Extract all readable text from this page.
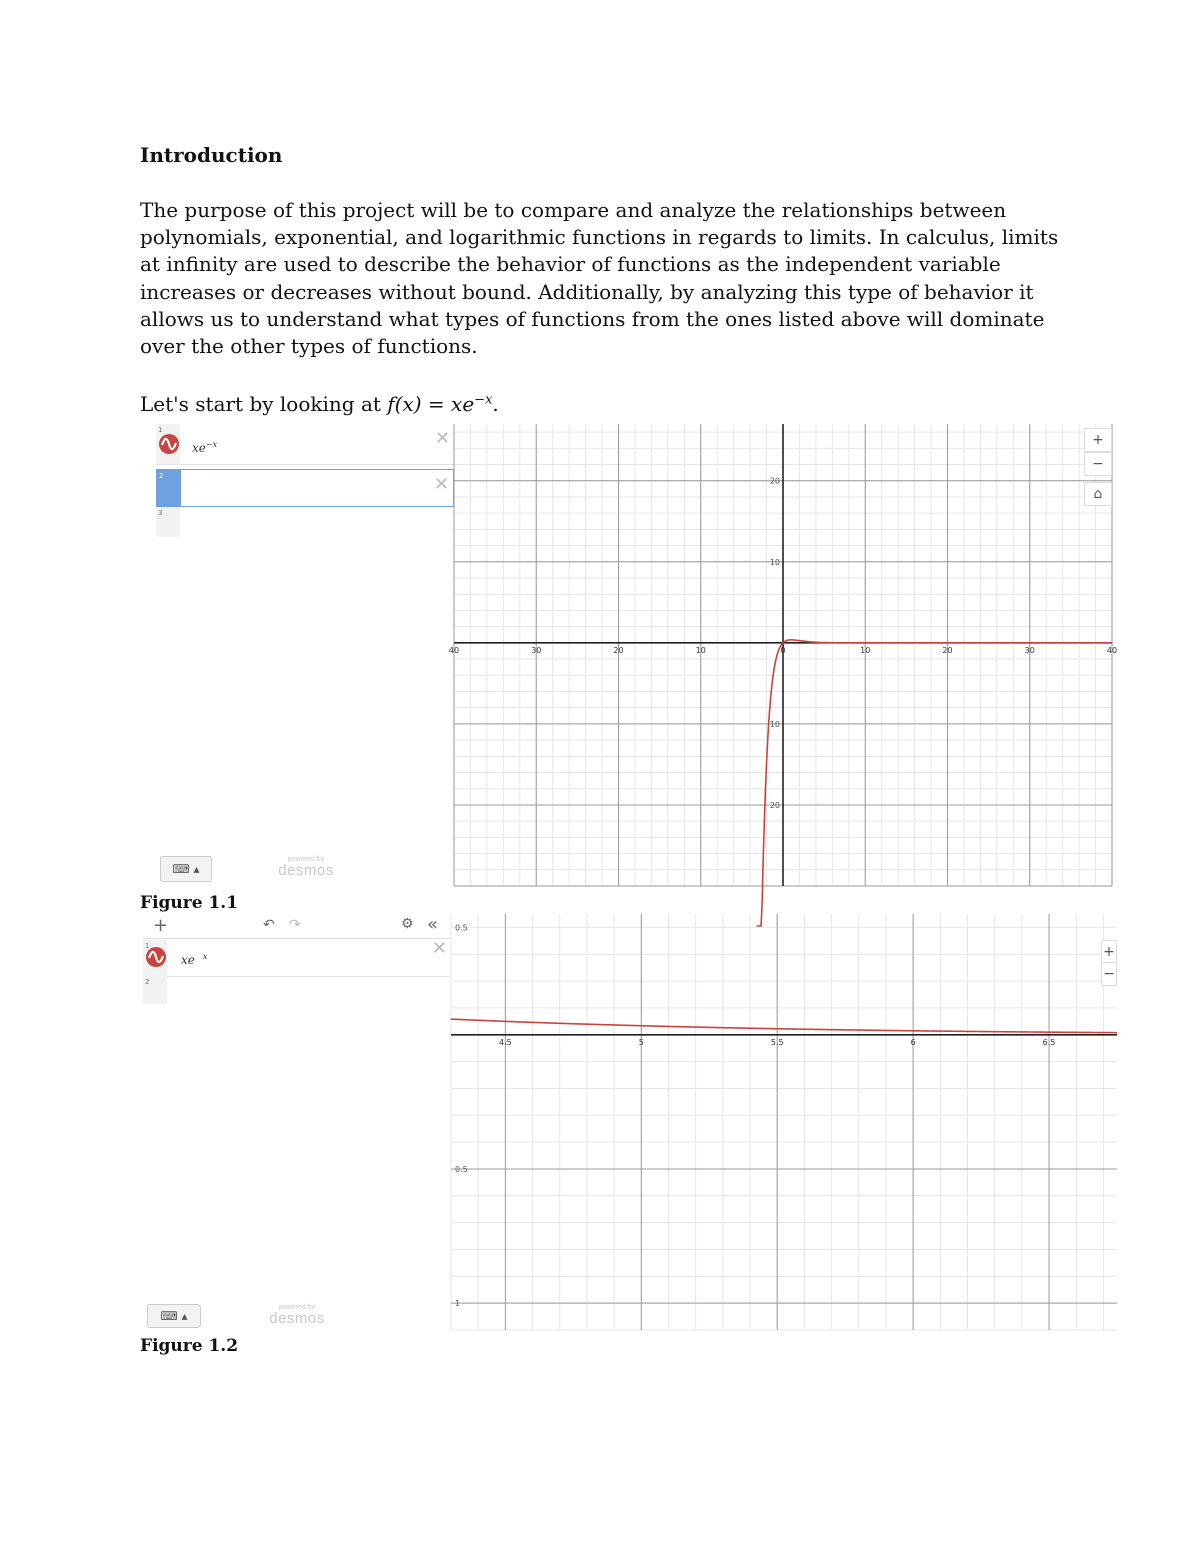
Introduction

The purpose of this project will be to compare and analyze the relationships between polynomials, exponential, and logarithmic functions in regards to limits. In calculus, limits at infinity are used to describe the behavior of functions as the independent variable increases or decreases without bound. Additionally, by analyzing this type of behavior it allows us to understand what types of functions from the ones listed above will dominate over the other types of functions.

Let's start by looking at $f(x) = xe^{-x}$.
1
$xe^{-x}$	✕
2	✕
3
⌨ ▴
powered by
desmos
40	30	20	10	0	10	20	30	40
20
10
10
20
+
−
⌂
Figure 1.1
+	↶ ↷	⚙ «
1
xe $^x$	✕
2
⌨ ▴
powered by
desmos
4.5	5	5.5	6	6.5
0.5
0.5
1
+
−
Figure 1.2
